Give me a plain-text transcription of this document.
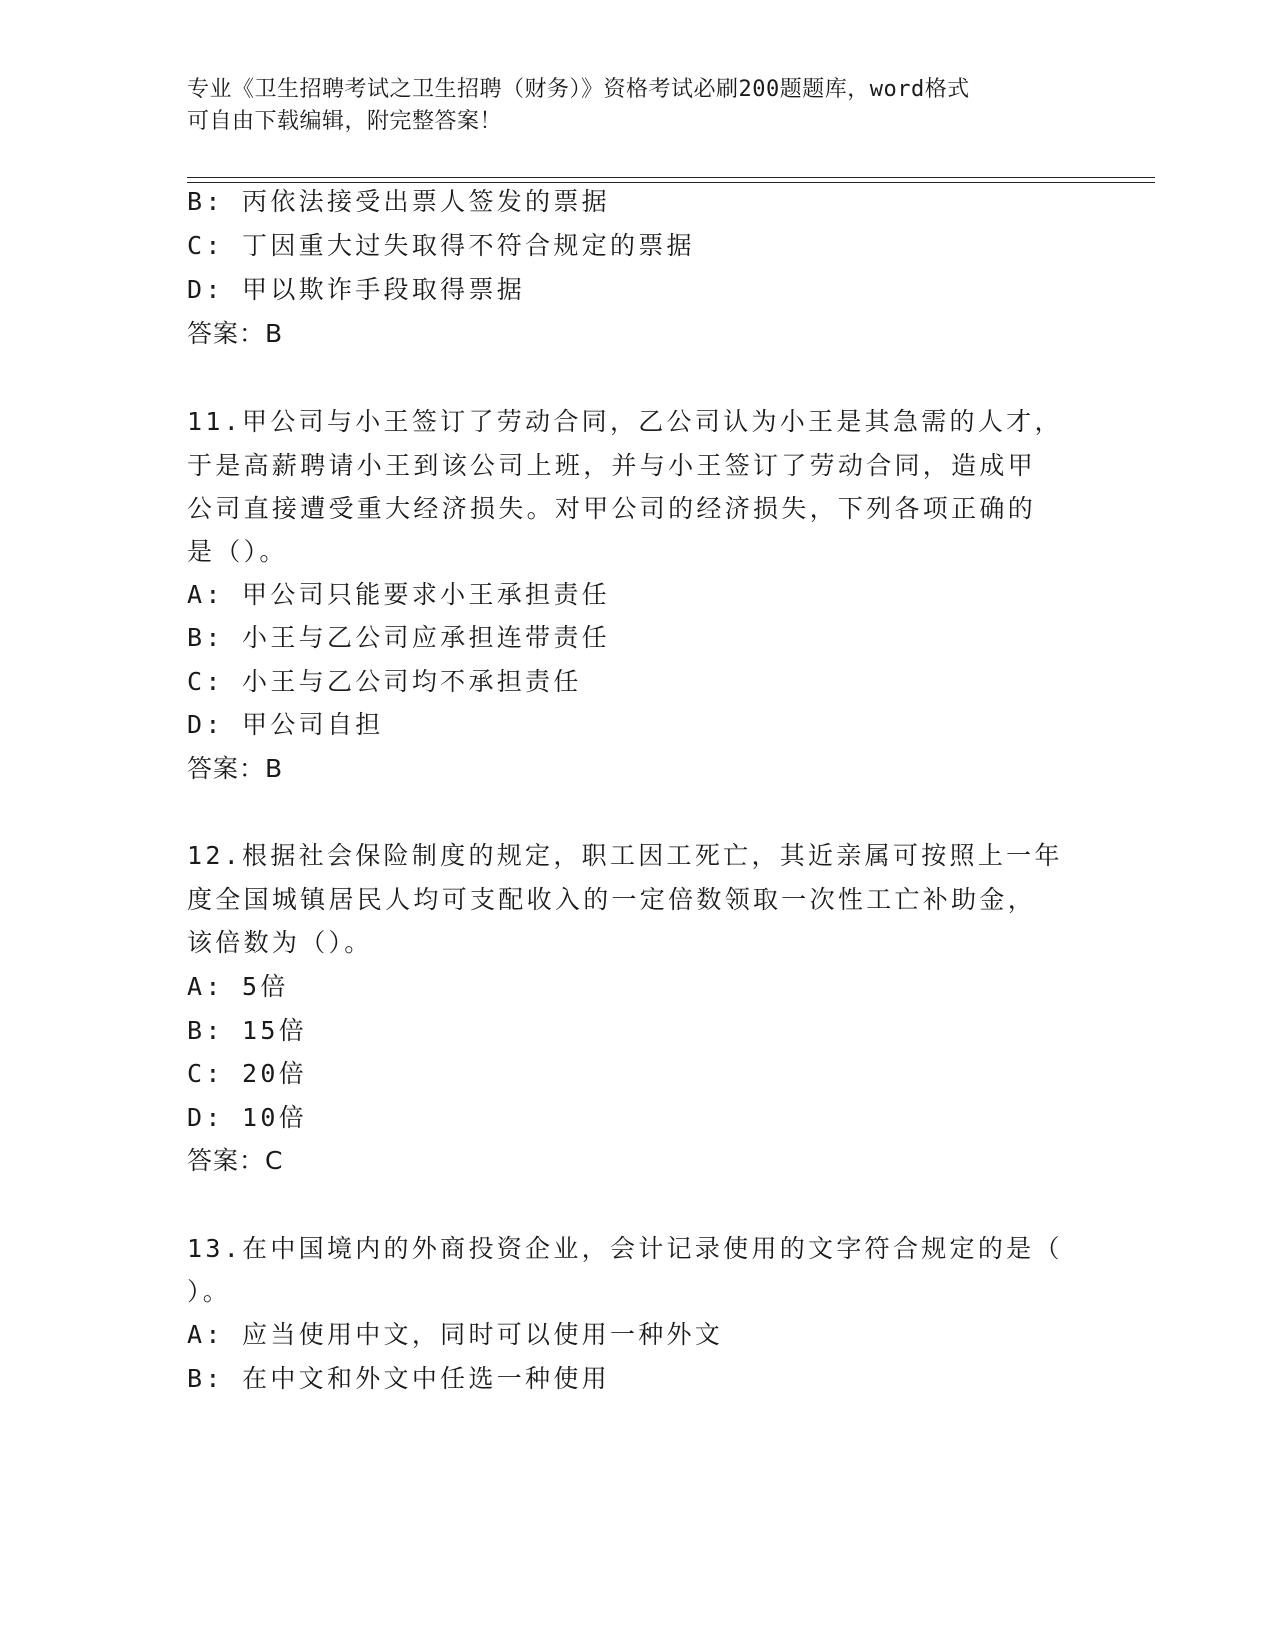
专业《卫生招聘考试之卫生招聘（财务）》资格考试必刷200题题库，word格式
可自由下载编辑，附完整答案！
B: 丙依法接受出票人签发的票据
C: 丁因重大过失取得不符合规定的票据
D: 甲以欺诈手段取得票据
答案：B
11.甲公司与小王签订了劳动合同，乙公司认为小王是其急需的人才，
于是高薪聘请小王到该公司上班，并与小王签订了劳动合同，造成甲
公司直接遭受重大经济损失。对甲公司的经济损失，下列各项正确的
是（）。
A: 甲公司只能要求小王承担责任
B: 小王与乙公司应承担连带责任
C: 小王与乙公司均不承担责任
D: 甲公司自担
答案：B
12.根据社会保险制度的规定，职工因工死亡，其近亲属可按照上一年
度全国城镇居民人均可支配收入的一定倍数领取一次性工亡补助金，
该倍数为（）。
A: 5倍
B: 15倍
C: 20倍
D: 10倍
答案：C
13.在中国境内的外商投资企业，会计记录使用的文字符合规定的是（
）。
A: 应当使用中文，同时可以使用一种外文
B: 在中文和外文中任选一种使用
